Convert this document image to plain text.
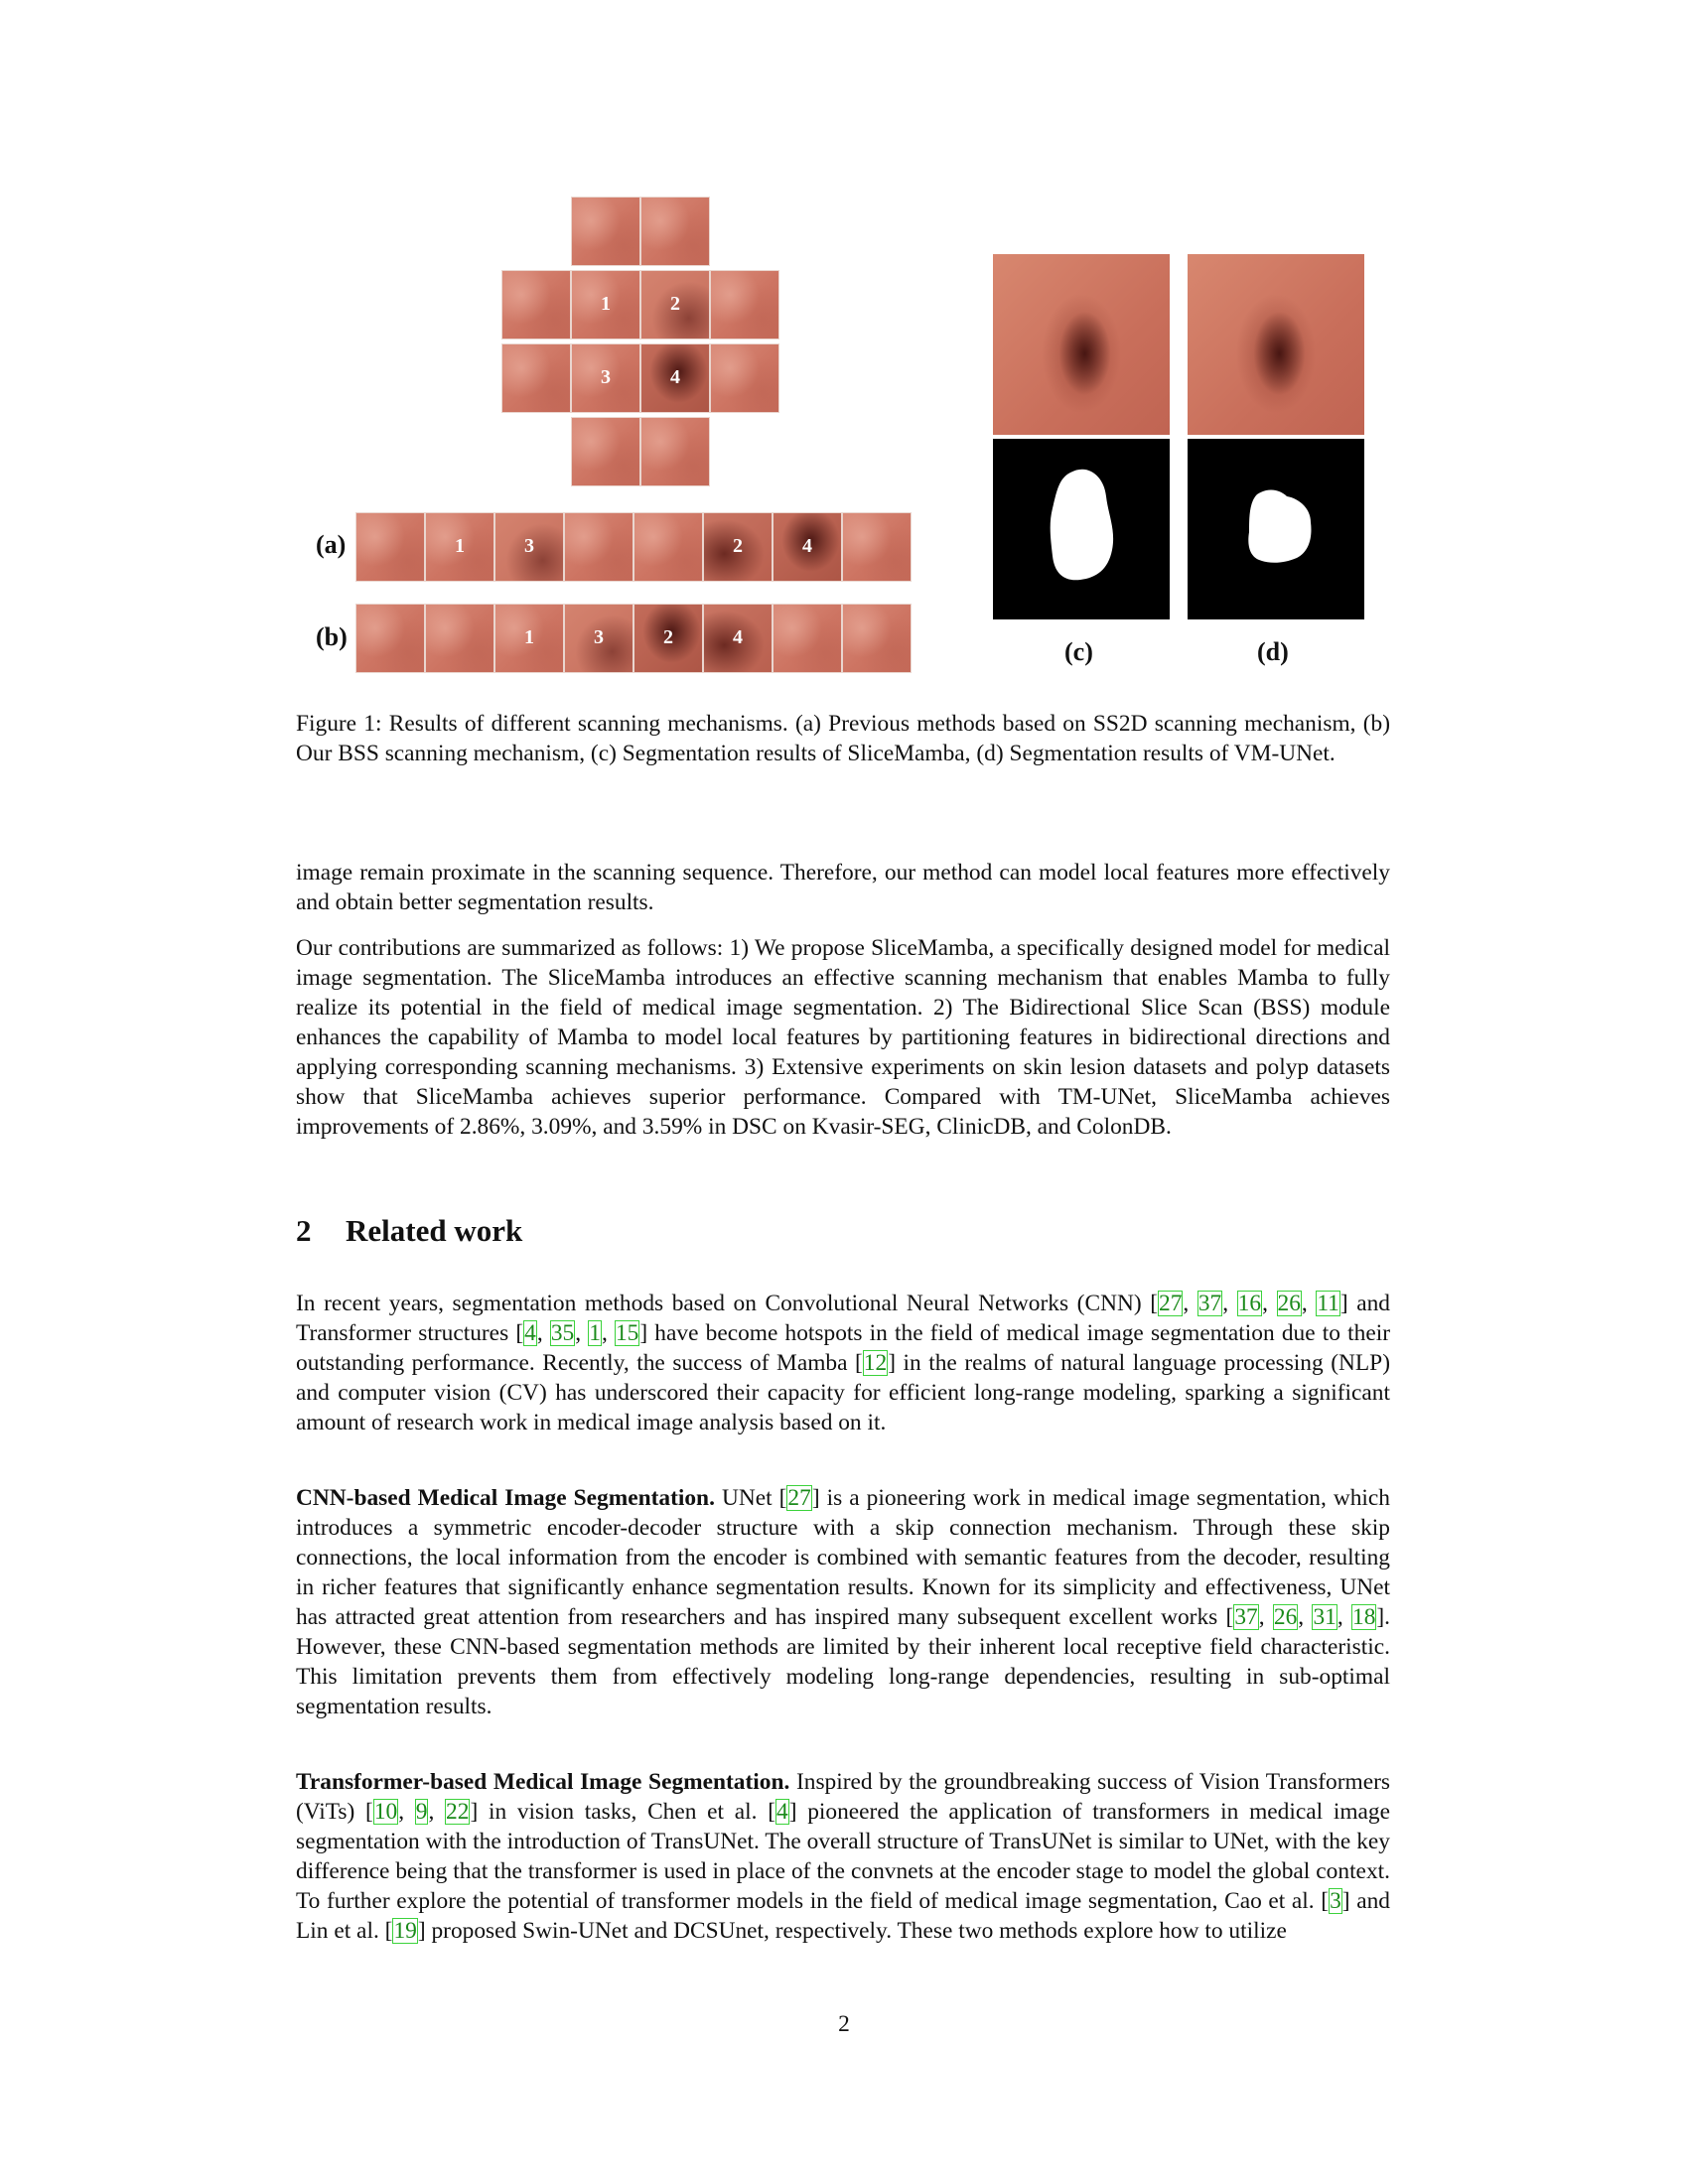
1	2
3	4
(a)	1	3	2	4
(b)	1	3	2	4	(c)	(d)
Figure 1: Results of different scanning mechanisms. (a) Previous methods based on SS2D scanning mechanism, (b) Our BSS scanning mechanism, (c) Segmentation results of SliceMamba, (d) Segmentation results of VM-UNet.

image remain proximate in the scanning sequence. Therefore, our method can model local features more effectively and obtain better segmentation results.

Our contributions are summarized as follows: 1) We propose SliceMamba, a specifically designed model for medical image segmentation. The SliceMamba introduces an effective scanning mechanism that enables Mamba to fully realize its potential in the field of medical image segmentation. 2) The Bidirectional Slice Scan (BSS) module enhances the capability of Mamba to model local features by partitioning features in bidirectional directions and applying corresponding scanning mechanisms. 3) Extensive experiments on skin lesion datasets and polyp datasets show that SliceMamba achieves superior performance. Compared with TM-UNet, SliceMamba achieves improvements of 2.86%, 3.09%, and 3.59% in DSC on Kvasir-SEG, ClinicDB, and ColonDB.

2 Related work

In recent years, segmentation methods based on Convolutional Neural Networks (CNN) [27, 37, 16, 26, 11] and Transformer structures [4, 35, 1, 15] have become hotspots in the field of medical image segmentation due to their outstanding performance. Recently, the success of Mamba [12] in the realms of natural language processing (NLP) and computer vision (CV) has underscored their capacity for efficient long-range modeling, sparking a significant amount of research work in medical image analysis based on it.

CNN-based Medical Image Segmentation. UNet [27] is a pioneering work in medical image segmentation, which introduces a symmetric encoder-decoder structure with a skip connection mechanism. Through these skip connections, the local information from the encoder is combined with semantic features from the decoder, resulting in richer features that significantly enhance segmentation results. Known for its simplicity and effectiveness, UNet has attracted great attention from researchers and has inspired many subsequent excellent works [37, 26, 31, 18]. However, these CNN-based segmentation methods are limited by their inherent local receptive field characteristic. This limitation prevents them from effectively modeling long-range dependencies, resulting in sub-optimal segmentation results.

Transformer-based Medical Image Segmentation. Inspired by the groundbreaking success of Vision Transformers (ViTs) [10, 9, 22] in vision tasks, Chen et al. [4] pioneered the application of transformers in medical image segmentation with the introduction of TransUNet. The overall structure of TransUNet is similar to UNet, with the key difference being that the transformer is used in place of the convnets at the encoder stage to model the global context. To further explore the potential of transformer models in the field of medical image segmentation, Cao et al. [3] and Lin et al. [19] proposed Swin-UNet and DCSUnet, respectively. These two methods explore how to utilize

2
